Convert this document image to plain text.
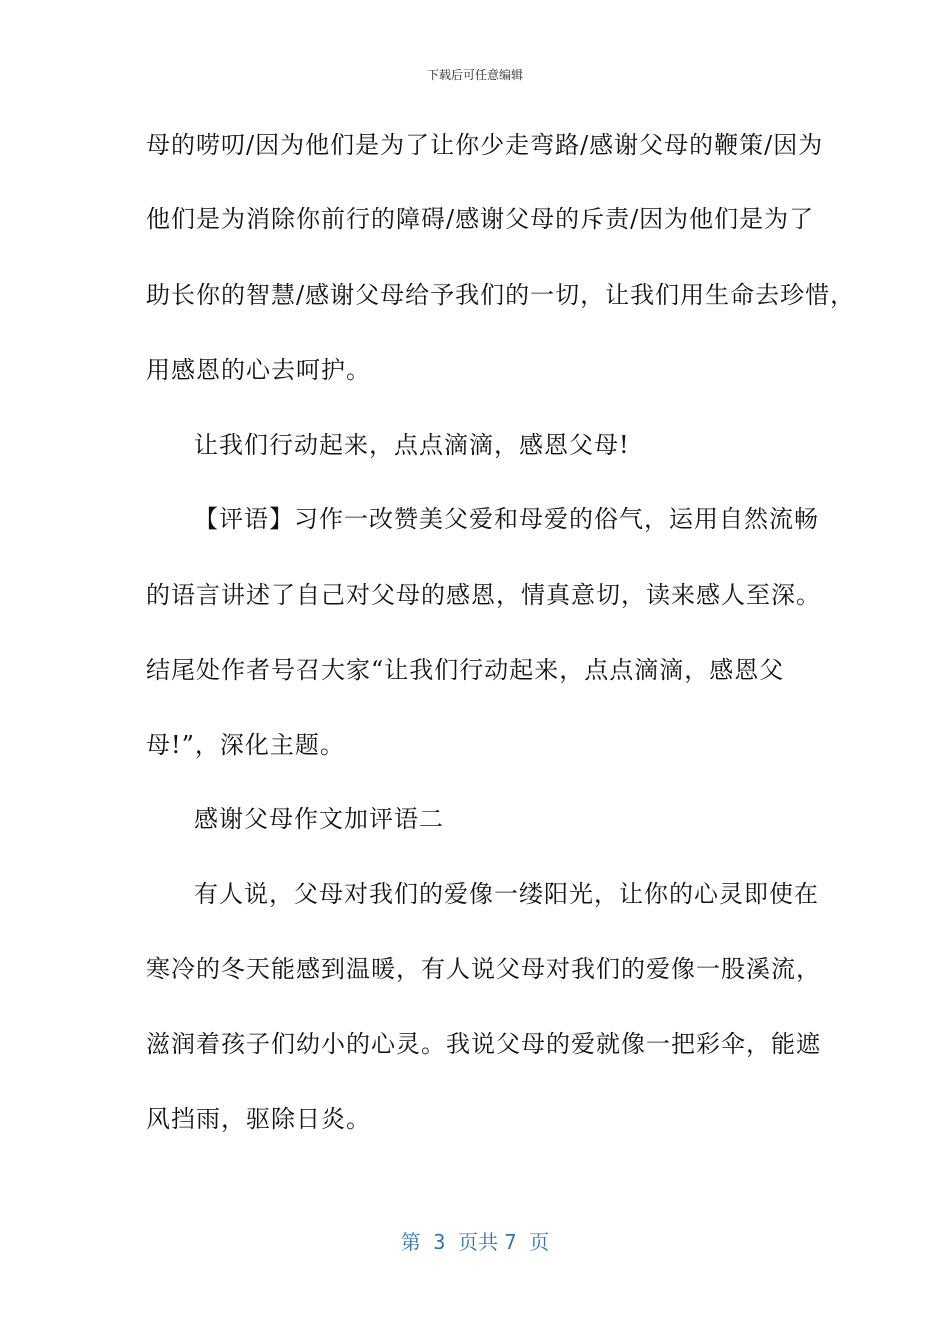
下载后可任意编辑
母的唠叨/因为他们是为了让你少走弯路/感谢父母的鞭策/因为
他们是为消除你前行的障碍/感谢父母的斥责/因为他们是为了
助长你的智慧/感谢父母给予我们的一切，让我们用生命去珍惜，
用感恩的心去呵护。
让我们行动起来，点点滴滴，感恩父母!
【评语】习作一改赞美父爱和母爱的俗气，运用自然流畅
的语言讲述了自己对父母的感恩，情真意切，读来感人至深。
结尾处作者号召大家“让我们行动起来，点点滴滴，感恩父
母!”，深化主题。
感谢父母作文加评语二
有人说，父母对我们的爱像一缕阳光，让你的心灵即使在
寒冷的冬天能感到温暖，有人说父母对我们的爱像一股溪流，
滋润着孩子们幼小的心灵。我说父母的爱就像一把彩伞，能遮
风挡雨，驱除日炎。
第 3 页共 7 页
